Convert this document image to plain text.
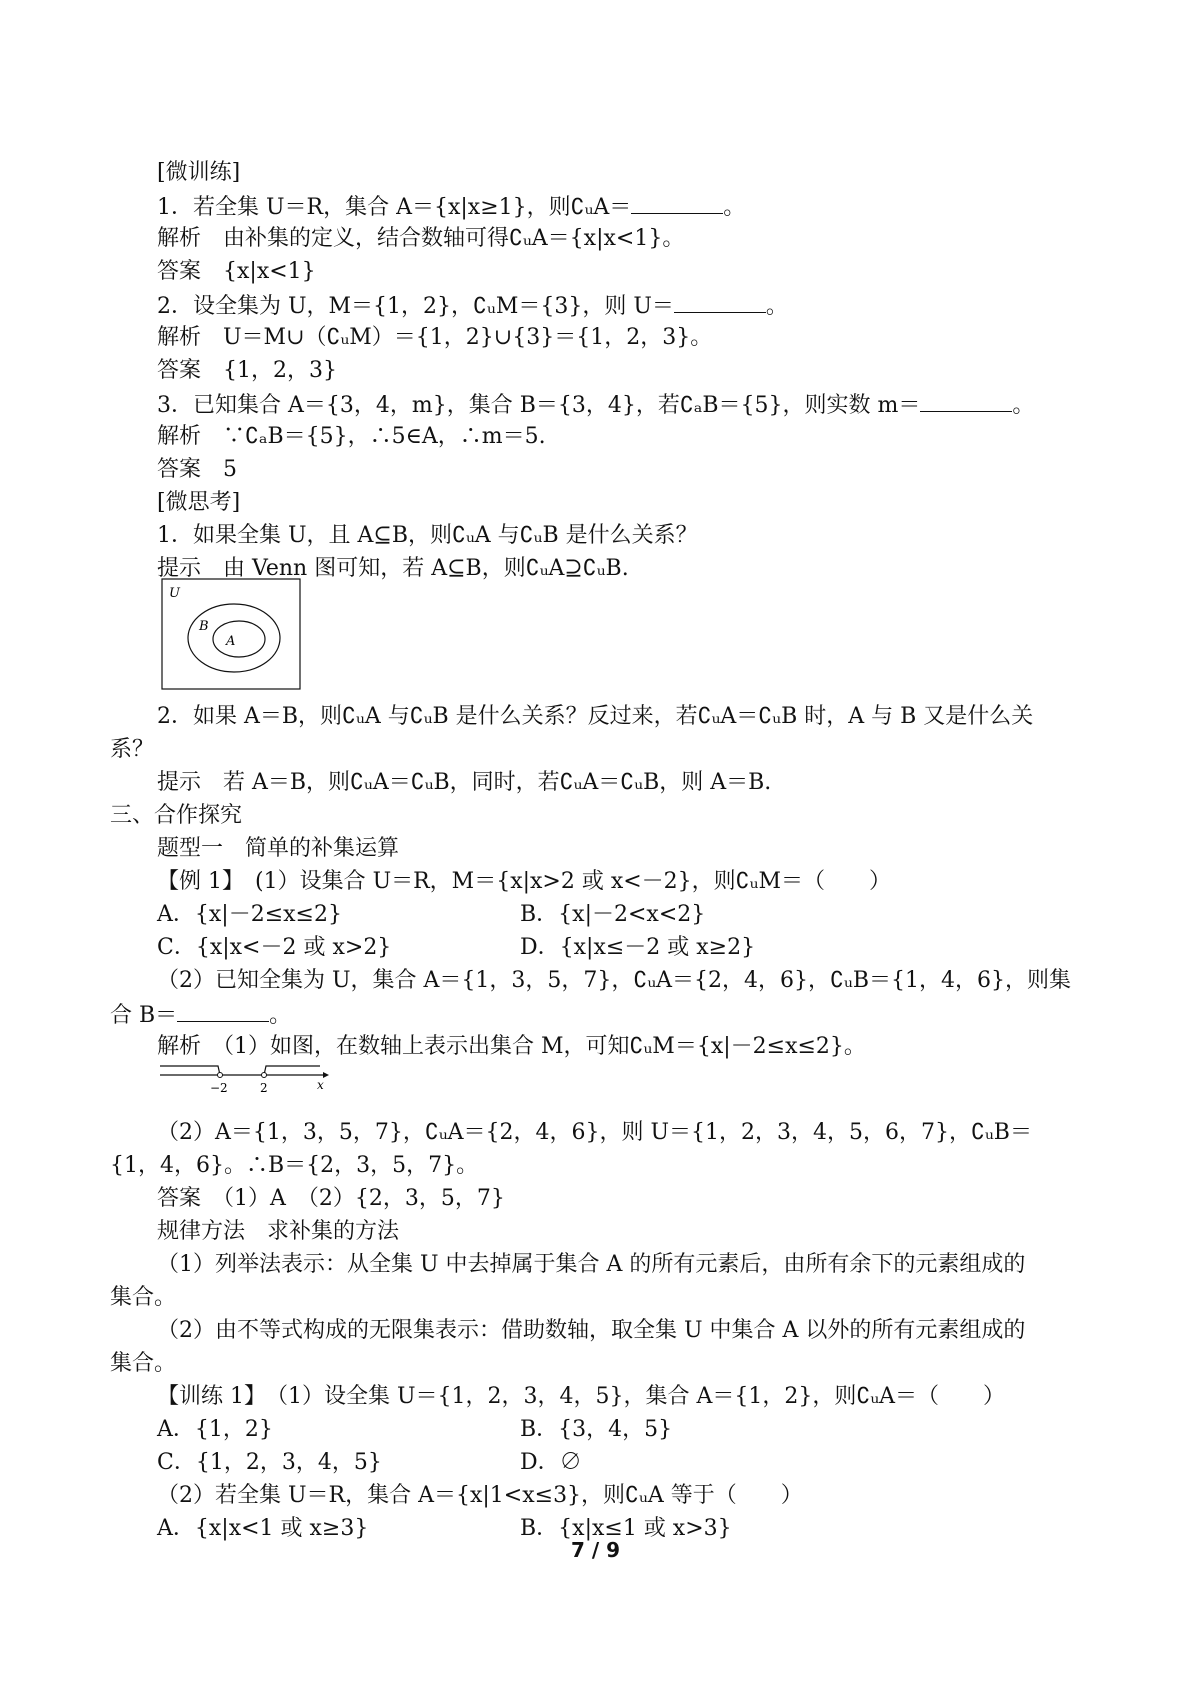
[微训练]
1．若全集 U＝R，集合 A＝{x|x≥1}，则∁ᵤA＝	。
解析　由补集的定义，结合数轴可得∁ᵤA＝{x|x<1}。
答案　{x|x<1}
2．设全集为 U，M＝{1，2}，∁ᵤM＝{3}，则 U＝	。
解析　U＝M∪（∁ᵤM）＝{1，2}∪{3}＝{1，2，3}。
答案　{1，2，3}
3．已知集合 A＝{3，4，m}，集合 B＝{3，4}，若∁ₐB＝{5}，则实数 m＝	。
解析　∵∁ₐB＝{5}，∴5∈A，∴m＝5.
答案　5
[微思考]
1．如果全集 U，且 A⊆B，则∁ᵤA 与∁ᵤB 是什么关系？
提示　由 Venn 图可知，若 A⊆B，则∁ᵤA⊇∁ᵤB.
U
B
A
2．如果 A＝B，则∁ᵤA 与∁ᵤB 是什么关系？反过来，若∁ᵤA＝∁ᵤB 时，A 与 B 又是什么关
系？
提示　若 A＝B，则∁ᵤA＝∁ᵤB，同时，若∁ᵤA＝∁ᵤB，则 A＝B.
三、合作探究
题型一　简单的补集运算
【例 1】　(1）设集合 U＝R，M＝{x|x>2 或 x<－2}，则∁ᵤM＝（　　）
A．{x|－2≤x≤2}	B．{x|－2<x<2}
C．{x|x<－2 或 x>2}	D．{x|x≤－2 或 x≥2}
（2）已知全集为 U，集合 A＝{1，3，5，7}，∁ᵤA＝{2，4，6}，∁ᵤB＝{1，4，6}，则集
合 B＝	。
解析　（1）如图，在数轴上表示出集合 M，可知∁ᵤM＝{x|－2≤x≤2}。
−2	2	x
（2）A＝{1，3，5，7}，∁ᵤA＝{2，4，6}，则 U＝{1，2，3，4，5，6，7}，∁ᵤB＝
{1，4，6}。∴B＝{2，3，5，7}。
答案　（1）A　（2）{2，3，5，7}
规律方法　求补集的方法
（1）列举法表示：从全集 U 中去掉属于集合 A 的所有元素后，由所有余下的元素组成的
集合。
（2）由不等式构成的无限集表示：借助数轴，取全集 U 中集合 A 以外的所有元素组成的
集合。
【训练 1】　（1）设全集 U＝{1，2，3，4，5}，集合 A＝{1，2}，则∁ᵤA＝（　　）
A．{1，2}	B．{3，4，5}
C．{1，2，3，4，5}	D．∅
（2）若全集 U＝R，集合 A＝{x|1<x≤3}，则∁ᵤA 等于（　　）
A．{x|x<1 或 x≥3}	B．{x|x≤1 或 x>3}
7 / 9
